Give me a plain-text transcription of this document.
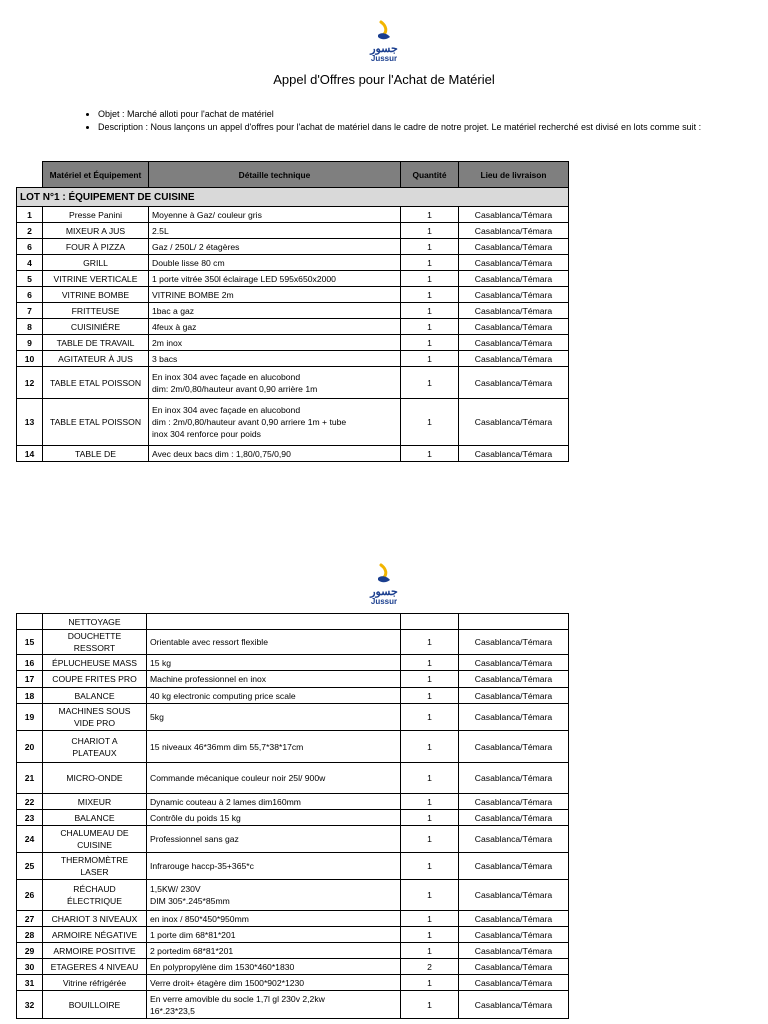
جسور
Jussur
Appel d'Offres pour l'Achat de Matériel
• Objet : Marché alloti pour l'achat de matériel
• Description : Nous lançons un appel d'offres pour l'achat de matériel dans le cadre de notre projet. Le matériel recherché est divisé en lots comme suit :
	Matériel et Équipement	Détaille technique	Quantité	Lieu de livraison
LOT N°1 : ÉQUIPEMENT DE CUISINE				
1	Presse Panini	Moyenne à Gaz/ couleur gris	1	Casablanca/Témara
2	MIXEUR A JUS	2.5L	1	Casablanca/Témara
6	FOUR À PIZZA	Gaz / 250L/ 2 étagères	1	Casablanca/Témara
4	GRILL	Double lisse 80 cm	1	Casablanca/Témara
5	VITRINE VERTICALE	1 porte vitrée 350l éclairage LED 595x650x2000	1	Casablanca/Témara
6	VITRINE BOMBE	VITRINE BOMBE 2m	1	Casablanca/Témara
7	FRITTEUSE	1bac a gaz	1	Casablanca/Témara
8	CUISINIÉRE	4feux à gaz	1	Casablanca/Témara
9	TABLE DE TRAVAIL	2m inox	1	Casablanca/Témara
10	AGITATEUR À JUS	3 bacs	1	Casablanca/Témara
12	TABLE ETAL POISSON	En inox 304 avec façade en alucobond
dim: 2m/0,80/hauteur avant 0,90 arrière 1m	1	Casablanca/Témara
13	TABLE ETAL POISSON	En inox 304 avec façade en alucobond
dim : 2m/0,80/hauteur avant 0,90 arriere 1m + tube
inox 304 renforce pour poids	1	Casablanca/Témara
14	TABLE DE	Avec deux bacs dim : 1,80/0,75/0,90	1	Casablanca/Témara
جسور
Jussur
	NETTOYAGE			
15	DOUCHETTE RESSORT	Orientable avec ressort flexible	1	Casablanca/Témara
16	ÉPLUCHEUSE MASS	15 kg	1	Casablanca/Témara
17	COUPE FRITES PRO	Machine professionnel en inox	1	Casablanca/Témara
18	BALANCE	40 kg electronic computing price scale	1	Casablanca/Témara
19	MACHINES SOUS
VIDE PRO	5kg	1	Casablanca/Témara
20	CHARIOT A
PLATEAUX	15 niveaux 46*36mm dim 55,7*38*17cm	1	Casablanca/Témara
21	MICRO-ONDE	Commande mécanique couleur noir 25l/ 900w	1	Casablanca/Témara
22	MIXEUR	Dynamic couteau à 2 lames dim160mm	1	Casablanca/Témara
23	BALANCE	Contrôle du poids 15 kg	1	Casablanca/Témara
24	CHALUMEAU DE
CUISINE	Professionnel sans gaz	1	Casablanca/Témara
25	THERMOMÈTRE
LASER	Infrarouge haccp-35+365*c	1	Casablanca/Témara
26	RÉCHAUD
ÉLECTRIQUE	1,5KW/ 230V
DIM 305*.245*85mm	1	Casablanca/Témara
27	CHARIOT 3 NIVEAUX	en inox / 850*450*950mm	1	Casablanca/Témara
28	ARMOIRE NÉGATIVE	1 porte dim 68*81*201	1	Casablanca/Témara
29	ARMOIRE POSITIVE	2 portedim 68*81*201	1	Casablanca/Témara
30	ETAGERES 4 NIVEAU	En polypropylène dim 1530*460*1830	2	Casablanca/Témara
31	Vitrine réfrigérée	Verre droit+ étagère dim 1500*902*1230	1	Casablanca/Témara
32	BOUILLOIRE	En verre amovible du socle 1,7l gl 230v 2,2kw
16*.23*23,5	1	Casablanca/Témara
